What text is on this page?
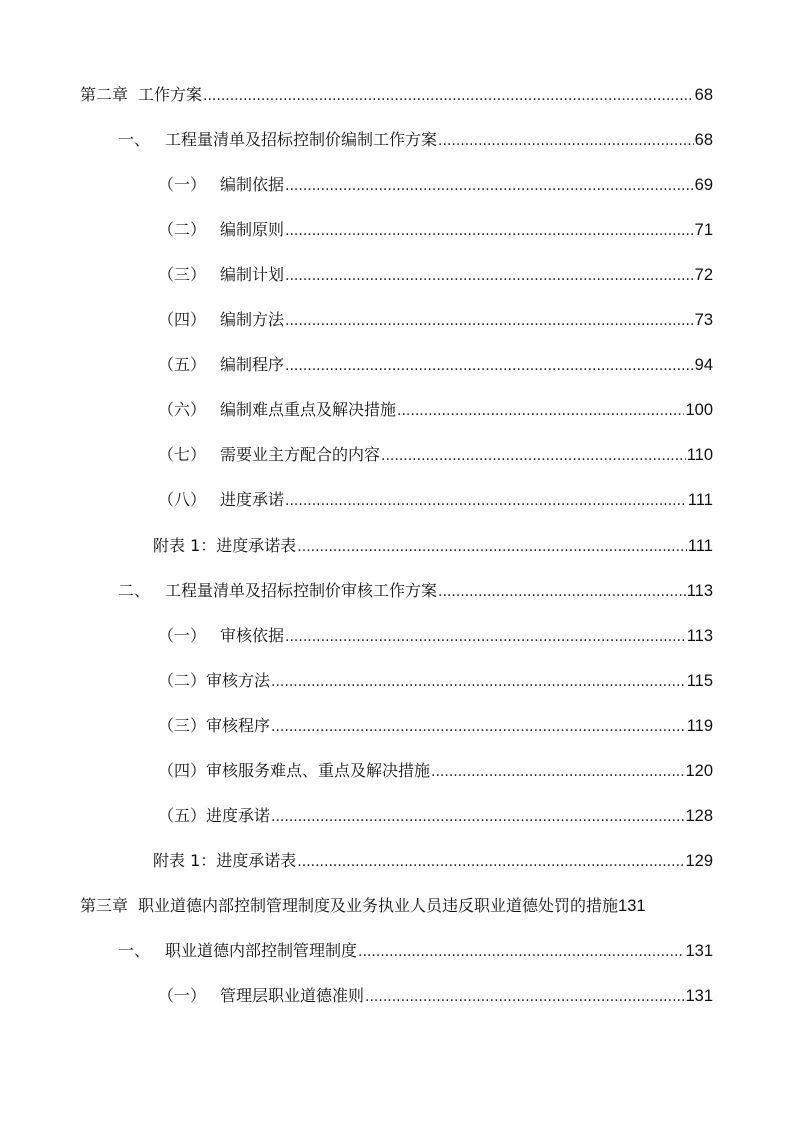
第二章 工作方案 .....	68
一、 工程量清单及招标控制价编制工作方案 .....	68
（一） 编制依据 .....	69
（二） 编制原则 .....	71
（三） 编制计划 .....	72
（四） 编制方法 .....	73
（五） 编制程序 .....	94
（六） 编制难点重点及解决措施 .....	100
（七） 需要业主方配合的内容 .....	110
（八） 进度承诺 .....	111
附表 1： 进度承诺表 .....	111
二、 工程量清单及招标控制价审核工作方案 .....	113
（一） 审核依据 .....	113
（二） 审核方法 .....	115
（三） 审核程序 .....	119
（四） 审核服务难点、重点及解决措施 .....	120
（五） 进度承诺 .....	128
附表 1： 进度承诺表 .....	129
第三章 职业道德内部控制管理制度及业务执业人员违反职业道德处罚的措施 131
一、 职业道德内部控制管理制度 .....	131
（一） 管理层职业道德准则 .....	131
